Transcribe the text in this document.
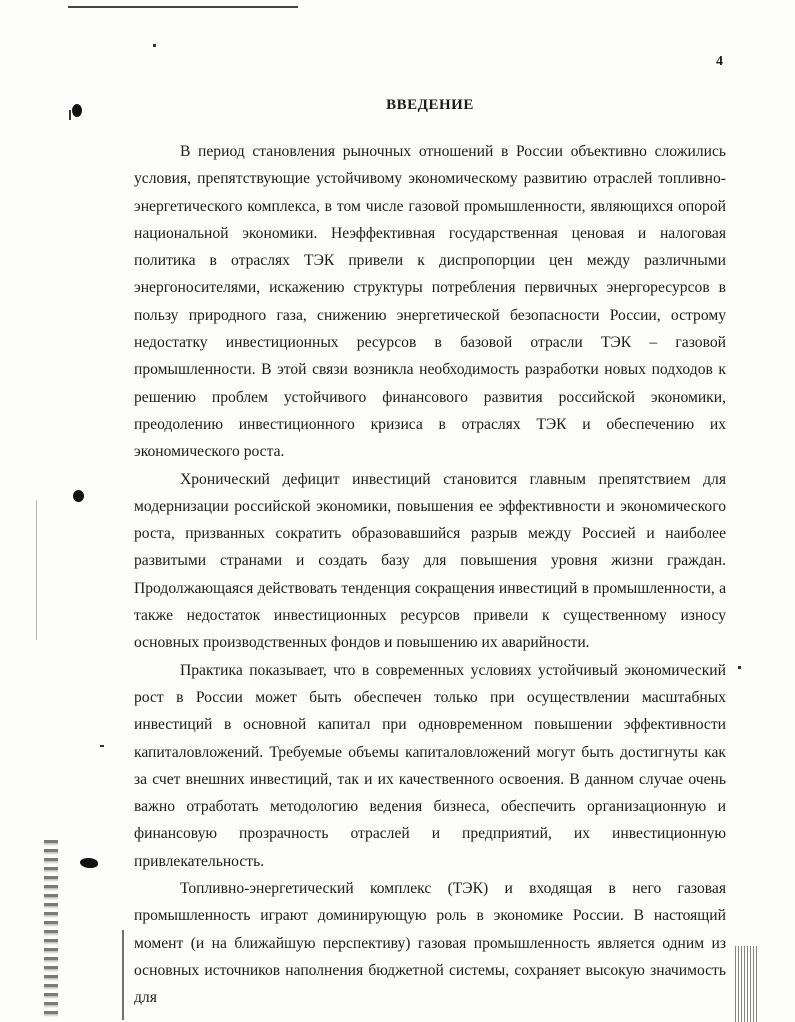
4
ВВЕДЕНИЕ

В период становления рыночных отношений в России объективно сложились условия, препятствующие устойчивому экономическому развитию отраслей топливно-энергетического комплекса, в том числе газовой промышленности, являющихся опорой национальной экономики. Неэффективная государственная ценовая и налоговая политика в отраслях ТЭК привели к диспропорции цен между различными энергоносителями, искажению структуры потребления первичных энергоресурсов в пользу природного газа, снижению энергетической безопасности России, острому недостатку инвестиционных ресурсов в базовой отрасли ТЭК – газовой промышленности. В этой связи возникла необходимость разработки новых подходов к решению проблем устойчивого финансового развития российской экономики, преодолению инвестиционного кризиса в отраслях ТЭК и обеспечению их экономического роста.

Хронический дефицит инвестиций становится главным препятствием для модернизации российской экономики, повышения ее эффективности и экономического роста, призванных сократить образовавшийся разрыв между Россией и наиболее развитыми странами и создать базу для повышения уровня жизни граждан. Продолжающаяся действовать тенденция сокращения инвестиций в промышленности, а также недостаток инвестиционных ресурсов привели к существенному износу основных производственных фондов и повышению их аварийности.

Практика показывает, что в современных условиях устойчивый экономический рост в России может быть обеспечен только при осуществлении масштабных инвестиций в основной капитал при одновременном повышении эффективности капиталовложений. Требуемые объемы капиталовложений могут быть достигнуты как за счет внешних инвестиций, так и их качественного освоения. В данном случае очень важно отработать методологию ведения бизнеса, обеспечить организационную и финансовую прозрачность отраслей и предприятий, их инвестиционную привлекательность.

Топливно-энергетический комплекс (ТЭК) и входящая в него газовая промышленность играют доминирующую роль в экономике России. В настоящий момент (и на ближайшую перспективу) газовая промышленность является одним из основных источников наполнения бюджетной системы, сохраняет высокую значимость для
